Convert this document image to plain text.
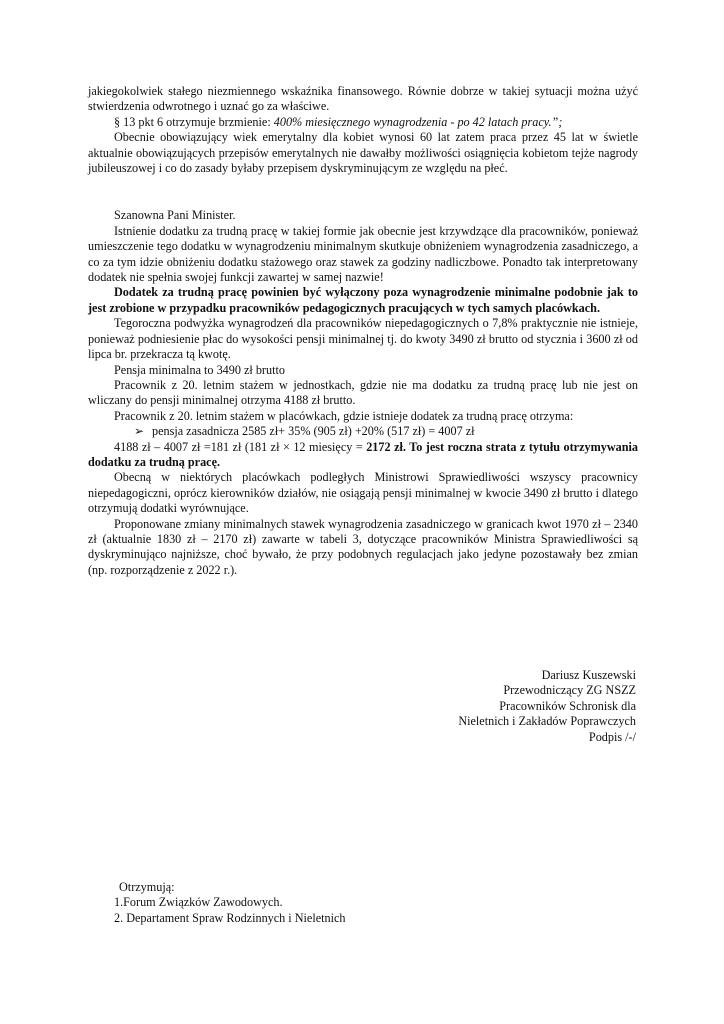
jakiegokolwiek stałego niezmiennego wskaźnika finansowego. Równie dobrze w takiej sytuacji można użyć stwierdzenia odwrotnego i uznać go za właściwe.

§ 13 pkt 6 otrzymuje brzmienie: 400% miesięcznego wynagrodzenia - po 42 latach pracy.”;

Obecnie obowiązujący wiek emerytalny dla kobiet wynosi 60 lat zatem praca przez 45 lat w świetle aktualnie obowiązujących przepisów emerytalnych nie dawałby możliwości osiągnięcia kobietom tejże nagrody jubileuszowej i co do zasady byłaby przepisem dyskryminującym ze względu na płeć.

Szanowna Pani Minister.

Istnienie dodatku za trudną pracę w takiej formie jak obecnie jest krzywdzące dla pracowników, ponieważ umieszczenie tego dodatku w wynagrodzeniu minimalnym skutkuje obniżeniem wynagrodzenia zasadniczego, a co za tym idzie obniżeniu dodatku stażowego oraz stawek za godziny nadliczbowe. Ponadto tak interpretowany dodatek nie spełnia swojej funkcji zawartej w samej nazwie!

Dodatek za trudną pracę powinien być wyłączony poza wynagrodzenie minimalne podobnie jak to jest zrobione w przypadku pracowników pedagogicznych pracujących w tych samych placówkach.

Tegoroczna podwyżka wynagrodzeń dla pracowników niepedagogicznych o 7,8% praktycznie nie istnieje, ponieważ podniesienie płac do wysokości pensji minimalnej tj. do kwoty 3490 zł brutto od stycznia i 3600 zł od lipca br. przekracza tą kwotę.

Pensja minimalna to 3490 zł brutto

Pracownik z 20. letnim stażem w jednostkach, gdzie nie ma dodatku za trudną pracę lub nie jest on wliczany do pensji minimalnej otrzyma 4188 zł brutto.

Pracownik z 20. letnim stażem w placówkach, gdzie istnieje dodatek za trudną pracę otrzyma:

➢ pensja zasadnicza 2585 zł+ 35% (905 zł) +20% (517 zł) = 4007 zł

4188 zł – 4007 zł =181 zł (181 zł × 12 miesięcy = 2172 zł. To jest roczna strata z tytułu otrzymywania dodatku za trudną pracę.

Obecną w niektórych placówkach podległych Ministrowi Sprawiedliwości wszyscy pracownicy niepedagogiczni, oprócz kierowników działów, nie osiągają pensji minimalnej w kwocie 3490 zł brutto i dlatego otrzymują dodatki wyrównujące.

Proponowane zmiany minimalnych stawek wynagrodzenia zasadniczego w granicach kwot 1970 zł – 2340 zł (aktualnie 1830 zł – 2170 zł) zawarte w tabeli 3, dotyczące pracowników Ministra Sprawiedliwości są dyskryminująco najniższe, choć bywało, że przy podobnych regulacjach jako jedyne pozostawały bez zmian (np. rozporządzenie z 2022 r.).

Dariusz Kuszewski

Przewodniczący ZG NSZZ

Pracowników Schronisk dla

Nieletnich i Zakładów Poprawczych

Podpis /-/

Otrzymują:

1.Forum Związków Zawodowych.

2. Departament Spraw Rodzinnych i Nieletnich
